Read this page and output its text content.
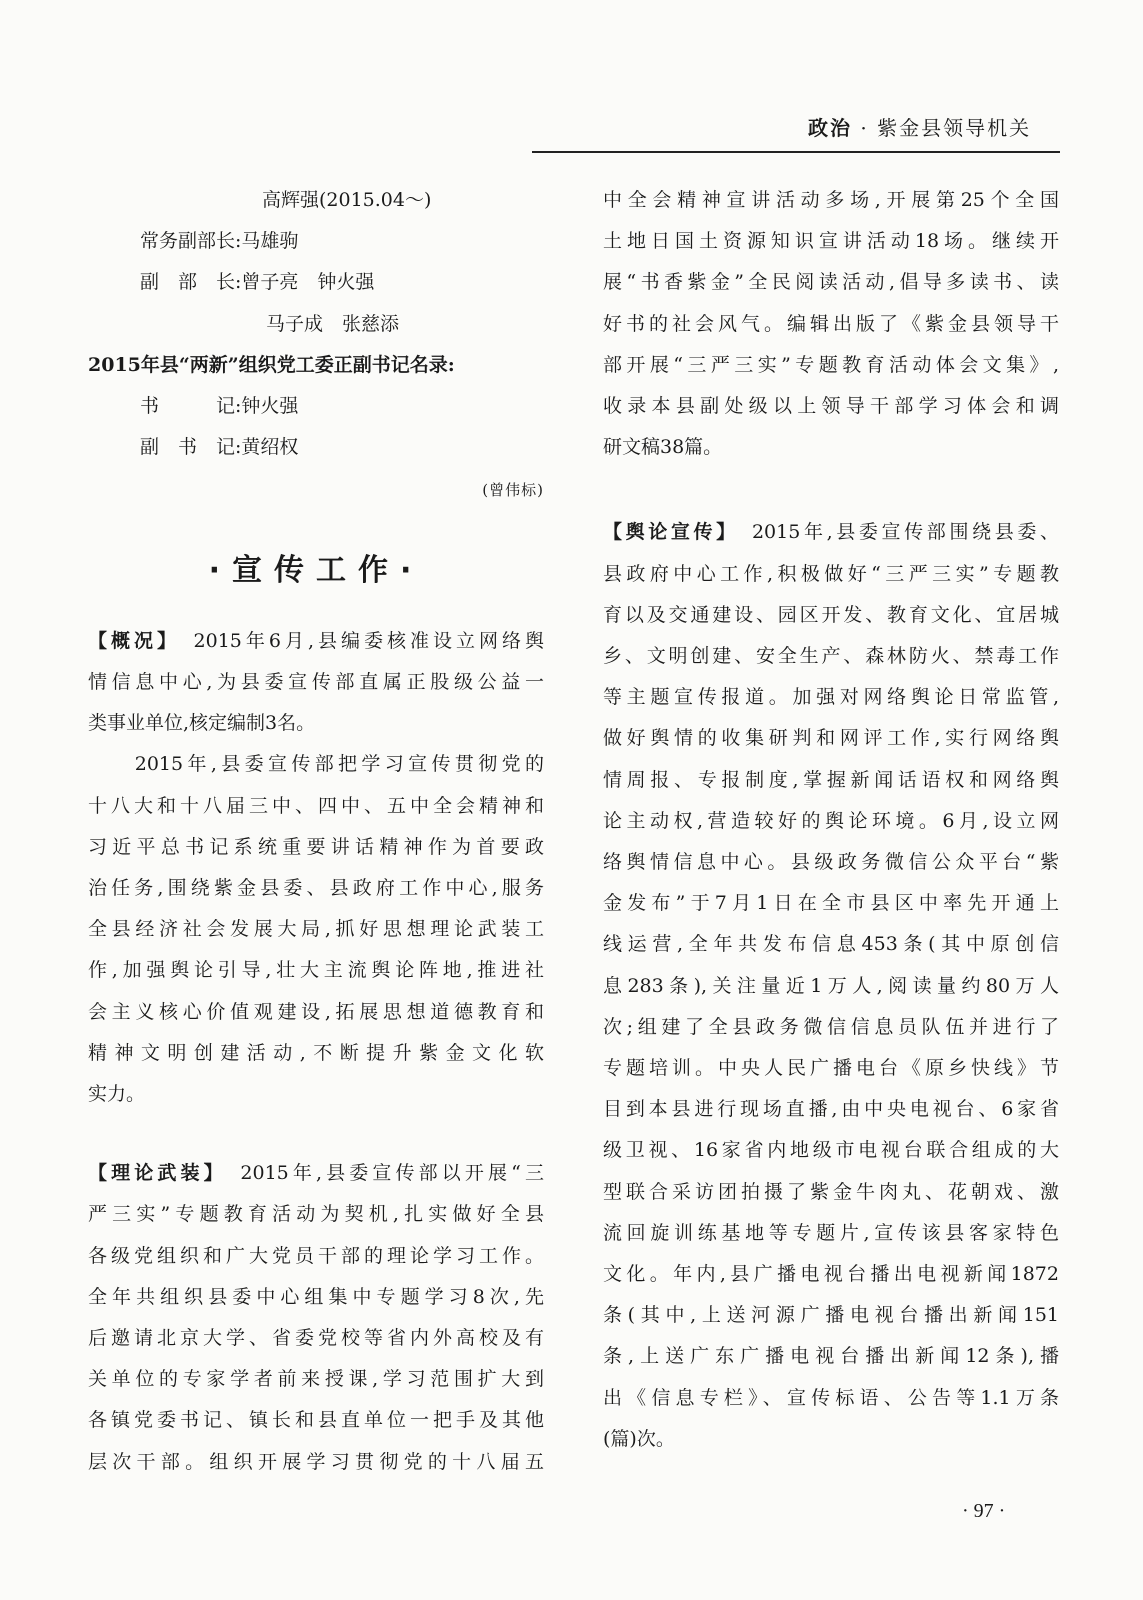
政治 · 紫金县领导机关
高辉强(2015.04～)
常务副部长:马雄驹
副　部　长:曾子亮　钟火强
马子成　张慈添
2015年县“两新”组织党工委正副书记名录:
书　　　记:钟火强
副　书　记:黄绍权
(曾伟标)
·宣传工作·
【概况】　2015年6月,县编委核准设立网络舆
情信息中心,为县委宣传部直属正股级公益一
类事业单位,核定编制3名。
　　2015年,县委宣传部把学习宣传贯彻党的
十八大和十八届三中、四中、五中全会精神和
习近平总书记系统重要讲话精神作为首要政
治任务,围绕紫金县委、县政府工作中心,服务
全县经济社会发展大局,抓好思想理论武装工
作,加强舆论引导,壮大主流舆论阵地,推进社
会主义核心价值观建设,拓展思想道德教育和
精神文明创建活动,不断提升紫金文化软
实力。
【理论武装】　2015年,县委宣传部以开展“三
严三实”专题教育活动为契机,扎实做好全县
各级党组织和广大党员干部的理论学习工作。
全年共组织县委中心组集中专题学习8次,先
后邀请北京大学、省委党校等省内外高校及有
关单位的专家学者前来授课,学习范围扩大到
各镇党委书记、镇长和县直单位一把手及其他
层次干部。组织开展学习贯彻党的十八届五
中全会精神宣讲活动多场,开展第25个全国
土地日国土资源知识宣讲活动18场。继续开
展“书香紫金”全民阅读活动,倡导多读书、读
好书的社会风气。编辑出版了《紫金县领导干
部开展“三严三实”专题教育活动体会文集》,
收录本县副处级以上领导干部学习体会和调
研文稿38篇。
【舆论宣传】　2015年,县委宣传部围绕县委、
县政府中心工作,积极做好“三严三实”专题教
育以及交通建设、园区开发、教育文化、宜居城
乡、文明创建、安全生产、森林防火、禁毒工作
等主题宣传报道。加强对网络舆论日常监管,
做好舆情的收集研判和网评工作,实行网络舆
情周报、专报制度,掌握新闻话语权和网络舆
论主动权,营造较好的舆论环境。6月,设立网
络舆情信息中心。县级政务微信公众平台“紫
金发布”于7月1日在全市县区中率先开通上
线运营,全年共发布信息453条(其中原创信
息283条),关注量近1万人,阅读量约80万人
次;组建了全县政务微信信息员队伍并进行了
专题培训。中央人民广播电台《原乡快线》节
目到本县进行现场直播,由中央电视台、6家省
级卫视、16家省内地级市电视台联合组成的大
型联合采访团拍摄了紫金牛肉丸、花朝戏、激
流回旋训练基地等专题片,宣传该县客家特色
文化。年内,县广播电视台播出电视新闻1872
条(其中,上送河源广播电视台播出新闻151
条,上送广东广播电视台播出新闻12条),播
出《信息专栏》、宣传标语、公告等1.1万条
(篇)次。
· 97 ·
